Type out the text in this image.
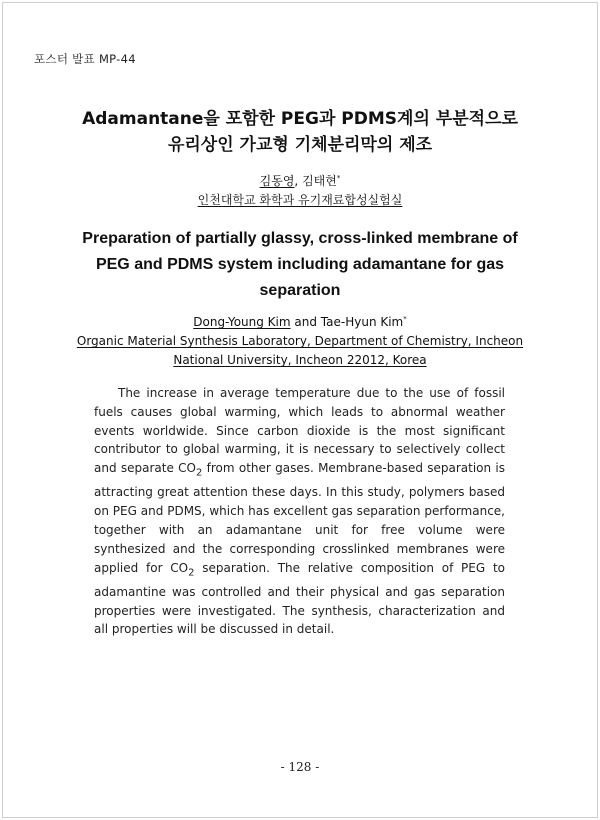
포스터 발표 MP-44
Adamantane을 포함한 PEG과 PDMS계의 부분적으로
유리상인 가교형 기체분리막의 제조
김동영, 김태현*
인천대학교 화학과 유기재료합성실험실
Preparation of partially glassy, cross-linked membrane of
PEG and PDMS system including adamantane for gas
separation
Dong-Young Kim and Tae-Hyun Kim*
Organic Material Synthesis Laboratory, Department of Chemistry, Incheon
National University, Incheon 22012, Korea
The increase in average temperature due to the use of fossil fuels causes global warming, which leads to abnormal weather events worldwide. Since carbon dioxide is the most significant contributor to global warming, it is necessary to selectively collect and separate $CO_2$ from other gases. Membrane-based separation is attracting great attention these days. In this study, polymers based on PEG and PDMS, which has excellent gas separation performance, together with an adamantane unit for free volume were synthesized and the corresponding crosslinked membranes were applied for $CO_2$ separation. The relative composition of PEG to adamantine was controlled and their physical and gas separation properties were investigated. The synthesis, characterization and all properties will be discussed in detail.
- 128 -
